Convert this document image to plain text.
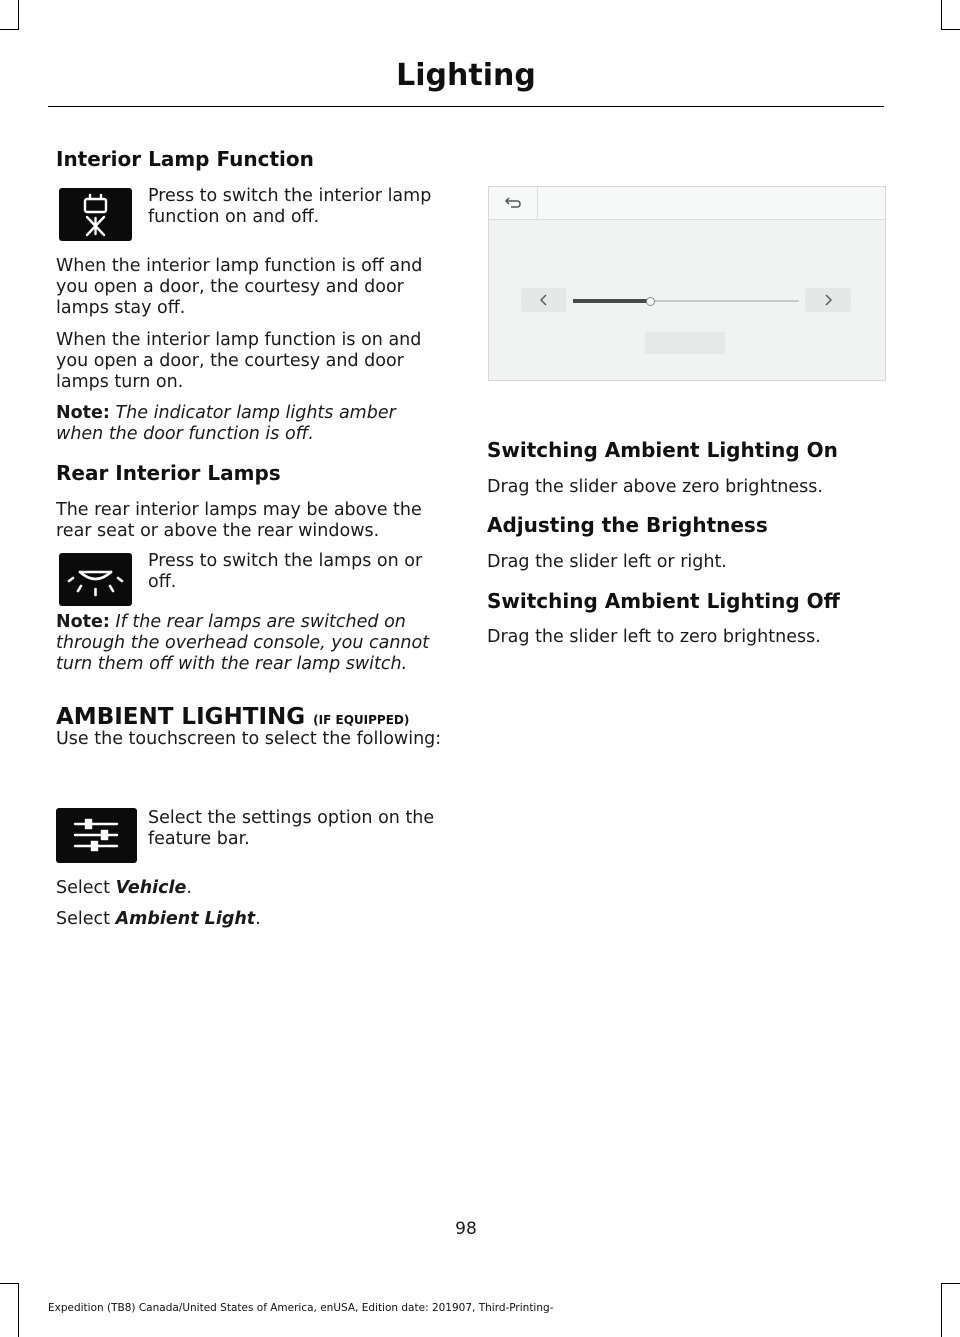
Lighting
Interior Lamp Function
Press to switch the interior lamp function on and off.

When the interior lamp function is off and you open a door, the courtesy and door lamps stay off.

When the interior lamp function is on and you open a door, the courtesy and door lamps turn on.

Note: The indicator lamp lights amber when the door function is off.

Rear Interior Lamps

The rear interior lamps may be above the rear seat or above the rear windows.

Press to switch the lamps on or off.

Note: If the rear lamps are switched on through the overhead console, you cannot turn them off with the rear lamp switch.

AMBIENT LIGHTING (IF EQUIPPED)

Use the touchscreen to select the following:

Select the settings option on the feature bar.

Select Vehicle.

Select Ambient Light.

Switching Ambient Lighting On

Drag the slider above zero brightness.

Adjusting the Brightness

Drag the slider left or right.

Switching Ambient Lighting Off

Drag the slider left to zero brightness.

98
Expedition (TB8) Canada/United States of America, enUSA, Edition date: 201907, Third-Printing-
